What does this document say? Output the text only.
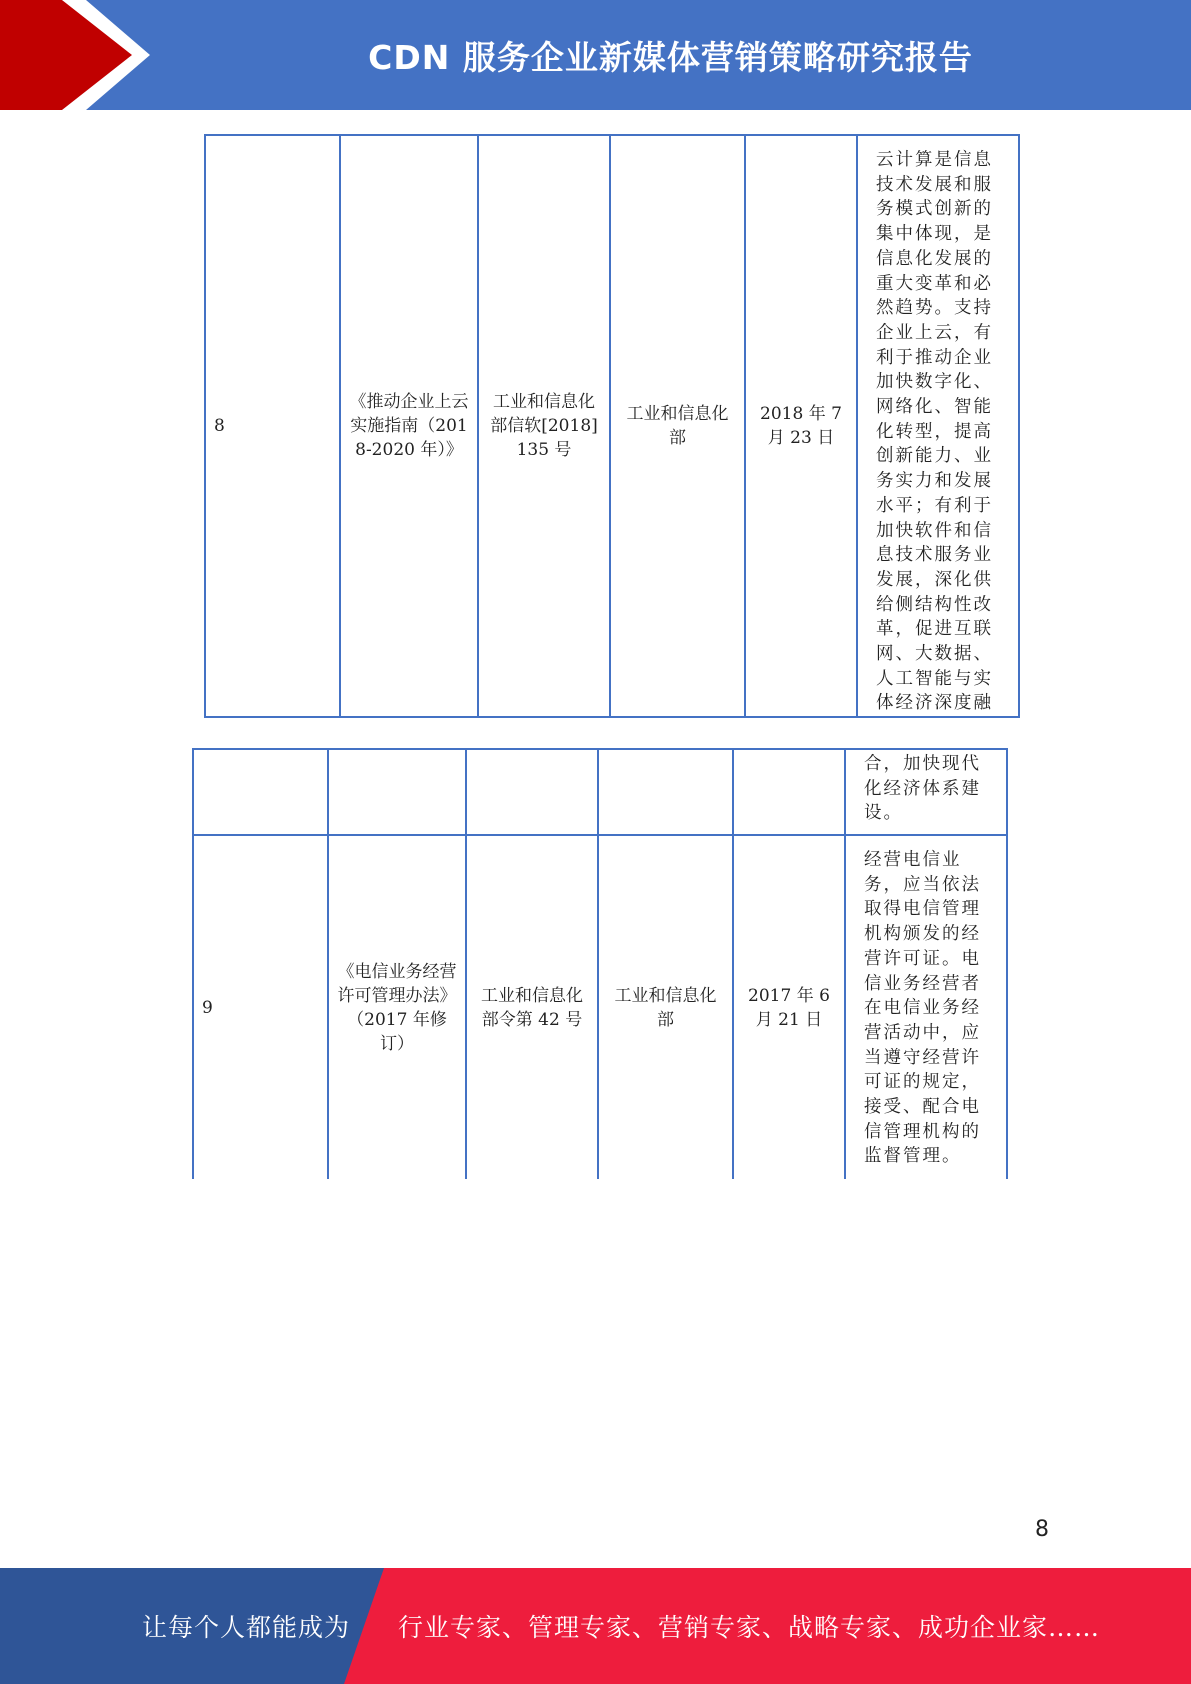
CDN 服务企业新媒体营销策略研究报告
8	《推动企业上云实施指南（2018-2020 年）》	工业和信息化部信软[2018]135 号	工业和信息化部	2018 年 7 月 23 日	云计算是信息技术发展和服务模式创新的集中体现，是信息化发展的重大变革和必然趋势。支持企业上云，有利于推动企业加快数字化、网络化、智能化转型，提高创新能力、业务实力和发展水平；有利于加快软件和信息技术服务业发展，深化供给侧结构性改革，促进互联网、大数据、人工智能与实体经济深度融
					合，加快现代化经济体系建设。
9	《电信业务经营许可管理办法》（2017 年修订）	工业和信息化部令第 42 号	工业和信息化部	2017 年 6 月 21 日	经营电信业务，应当依法取得电信管理机构颁发的经营许可证。电信业务经营者在电信业务经营活动中，应当遵守经营许可证的规定，接受、配合电信管理机构的监督管理。
8
让每个人都能成为 行业专家、管理专家、营销专家、战略专家、成功企业家……
